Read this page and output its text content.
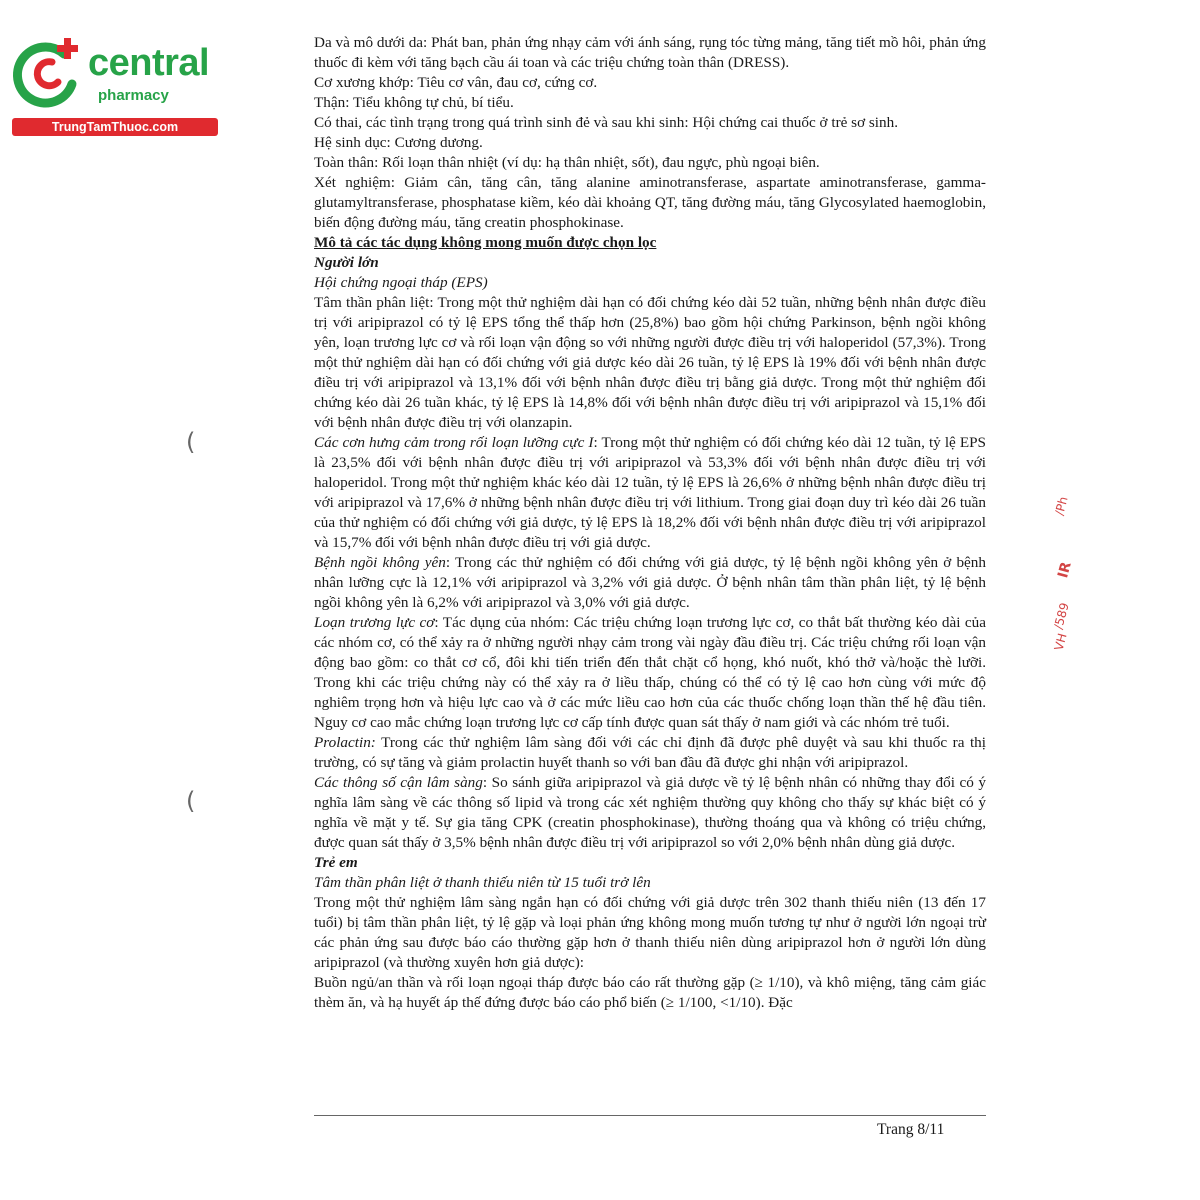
central
pharmacy
TrungTamThuoc.com

Da và mô dưới da: Phát ban, phản ứng nhạy cảm với ánh sáng, rụng tóc từng mảng, tăng tiết mồ hôi, phản ứng thuốc đi kèm với tăng bạch cầu ái toan và các triệu chứng toàn thân (DRESS).

Cơ xương khớp: Tiêu cơ vân, đau cơ, cứng cơ.

Thận: Tiểu không tự chủ, bí tiểu.

Có thai, các tình trạng trong quá trình sinh đẻ và sau khi sinh: Hội chứng cai thuốc ở trẻ sơ sinh.

Hệ sinh dục: Cương dương.

Toàn thân: Rối loạn thân nhiệt (ví dụ: hạ thân nhiệt, sốt), đau ngực, phù ngoại biên.

Xét nghiệm: Giảm cân, tăng cân, tăng alanine aminotransferase, aspartate aminotransferase, gamma-glutamyltransferase, phosphatase kiềm, kéo dài khoảng QT, tăng đường máu, tăng Glycosylated haemoglobin, biến động đường máu, tăng creatin phosphokinase.

Mô tả các tác dụng không mong muốn được chọn lọc

Người lớn

Hội chứng ngoại tháp (EPS)

Tâm thần phân liệt: Trong một thử nghiệm dài hạn có đối chứng kéo dài 52 tuần, những bệnh nhân được điều trị với aripiprazol có tỷ lệ EPS tổng thể thấp hơn (25,8%) bao gồm hội chứng Parkinson, bệnh ngồi không yên, loạn trương lực cơ và rối loạn vận động so với những người được điều trị với haloperidol (57,3%). Trong một thử nghiệm dài hạn có đối chứng với giả dược kéo dài 26 tuần, tỷ lệ EPS là 19% đối với bệnh nhân được điều trị với aripiprazol và 13,1% đối với bệnh nhân được điều trị bằng giả dược. Trong một thử nghiệm đối chứng kéo dài 26 tuần khác, tỷ lệ EPS là 14,8% đối với bệnh nhân được điều trị với aripiprazol và 15,1% đối với bệnh nhân được điều trị với olanzapin.

Các cơn hưng cảm trong rối loạn lưỡng cực I: Trong một thử nghiệm có đối chứng kéo dài 12 tuần, tỷ lệ EPS là 23,5% đối với bệnh nhân được điều trị với aripiprazol và 53,3% đối với bệnh nhân được điều trị với haloperidol. Trong một thử nghiệm khác kéo dài 12 tuần, tỷ lệ EPS là 26,6% ở những bệnh nhân được điều trị với aripiprazol và 17,6% ở những bệnh nhân được điều trị với lithium. Trong giai đoạn duy trì kéo dài 26 tuần của thử nghiệm có đối chứng với giả dược, tỷ lệ EPS là 18,2% đối với bệnh nhân được điều trị với aripiprazol và 15,7% đối với bệnh nhân được điều trị với giả dược.

Bệnh ngồi không yên: Trong các thử nghiệm có đối chứng với giả dược, tỷ lệ bệnh ngồi không yên ở bệnh nhân lưỡng cực là 12,1% với aripiprazol và 3,2% với giả dược. Ở bệnh nhân tâm thần phân liệt, tỷ lệ bệnh ngồi không yên là 6,2% với aripiprazol và 3,0% với giả dược.

Loạn trương lực cơ: Tác dụng của nhóm: Các triệu chứng loạn trương lực cơ, co thắt bất thường kéo dài của các nhóm cơ, có thể xảy ra ở những người nhạy cảm trong vài ngày đầu điều trị. Các triệu chứng rối loạn vận động bao gồm: co thắt cơ cổ, đôi khi tiến triển đến thắt chặt cổ họng, khó nuốt, khó thở và/hoặc thè lưỡi. Trong khi các triệu chứng này có thể xảy ra ở liều thấp, chúng có thể có tỷ lệ cao hơn cùng với mức độ nghiêm trọng hơn và hiệu lực cao và ở các mức liều cao hơn của các thuốc chống loạn thần thế hệ đầu tiên. Nguy cơ cao mắc chứng loạn trương lực cơ cấp tính được quan sát thấy ở nam giới và các nhóm trẻ tuổi.

Prolactin: Trong các thử nghiệm lâm sàng đối với các chỉ định đã được phê duyệt và sau khi thuốc ra thị trường, có sự tăng và giảm prolactin huyết thanh so với ban đầu đã được ghi nhận với aripiprazol.

Các thông số cận lâm sàng: So sánh giữa aripiprazol và giả dược về tỷ lệ bệnh nhân có những thay đổi có ý nghĩa lâm sàng về các thông số lipid và trong các xét nghiệm thường quy không cho thấy sự khác biệt có ý nghĩa về mặt y tế. Sự gia tăng CPK (creatin phosphokinase), thường thoáng qua và không có triệu chứng, được quan sát thấy ở 3,5% bệnh nhân được điều trị với aripiprazol so với 2,0% bệnh nhân dùng giả dược.

Trẻ em

Tâm thần phân liệt ở thanh thiếu niên từ 15 tuổi trở lên

Trong một thử nghiệm lâm sàng ngắn hạn có đối chứng với giả dược trên 302 thanh thiếu niên (13 đến 17 tuổi) bị tâm thần phân liệt, tỷ lệ gặp và loại phản ứng không mong muốn tương tự như ở người lớn ngoại trừ các phản ứng sau được báo cáo thường gặp hơn ở thanh thiếu niên dùng aripiprazol hơn ở người lớn dùng aripiprazol (và thường xuyên hơn giả dược):

Buồn ngủ/an thần và rối loạn ngoại tháp được báo cáo rất thường gặp (≥ 1/10), và khô miệng, tăng cảm giác thèm ăn, và hạ huyết áp thế đứng được báo cáo phổ biến (≥ 1/100, <1/10). Đặc

Trang 8/11
(
(
/Ph
IR
/589
VH
